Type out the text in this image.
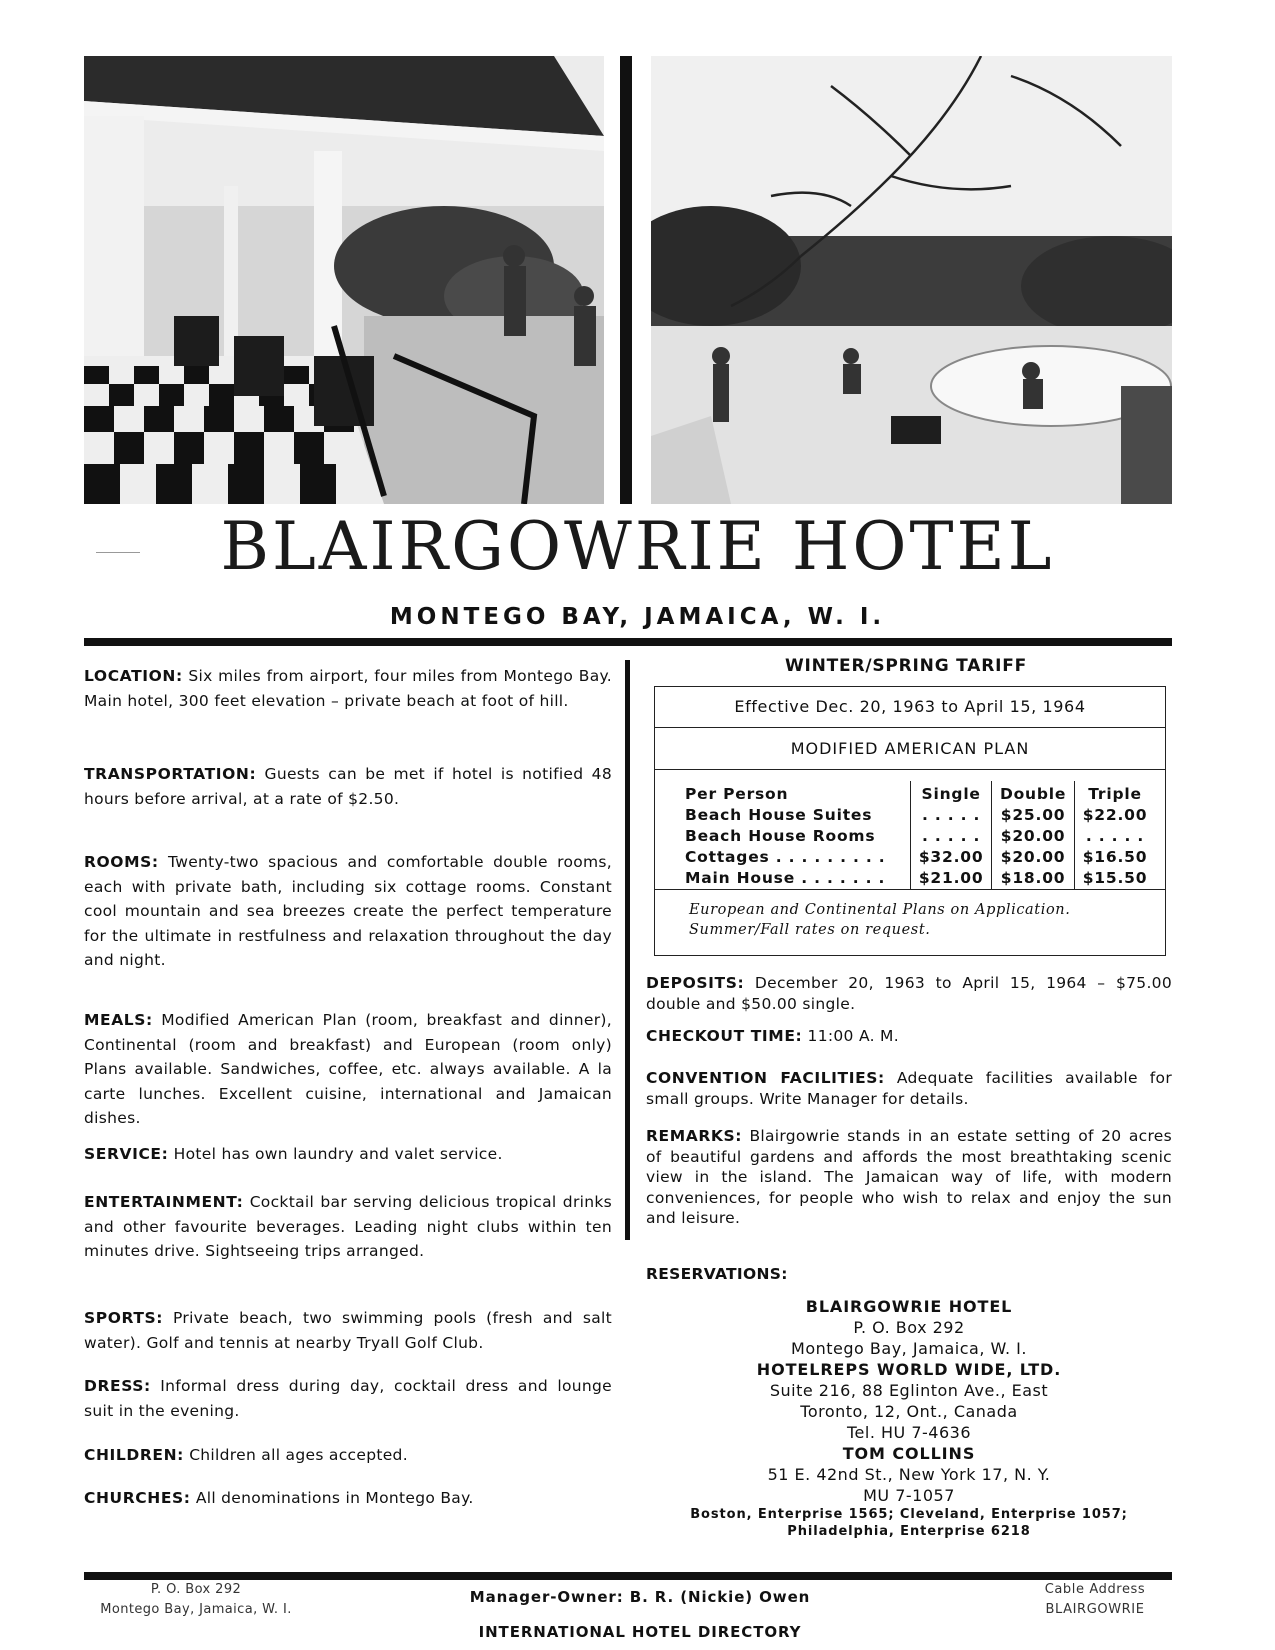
BLAIRGOWRIE HOTEL
MONTEGO BAY, JAMAICA, W. I.
LOCATION: Six miles from airport, four miles from Montego Bay. Main hotel, 300 feet elevation – private beach at foot of hill.
TRANSPORTATION: Guests can be met if hotel is notified 48 hours before arrival, at a rate of $2.50.
ROOMS: Twenty-two spacious and comfortable double rooms, each with private bath, including six cottage rooms. Constant cool mountain and sea breezes create the perfect temperature for the ultimate in restfulness and relaxation throughout the day and night.
MEALS: Modified American Plan (room, breakfast and dinner), Continental (room and breakfast) and European (room only) Plans available. Sandwiches, coffee, etc. always available. A la carte lunches. Excellent cuisine, international and Jamaican dishes.
SERVICE: Hotel has own laundry and valet service.
ENTERTAINMENT: Cocktail bar serving delicious tropical drinks and other favourite beverages. Leading night clubs within ten minutes drive. Sightseeing trips arranged.
SPORTS: Private beach, two swimming pools (fresh and salt water). Golf and tennis at nearby Tryall Golf Club.
DRESS: Informal dress during day, cocktail dress and lounge suit in the evening.
CHILDREN: Children all ages accepted.
CHURCHES: All denominations in Montego Bay.
WINTER/SPRING TARIFF
Effective Dec. 20, 1963 to April 15, 1964
MODIFIED AMERICAN PLAN
Per Person	Single	Double	Triple
Beach House Suites	. . . . .	$25.00	$22.00
Beach House Rooms	. . . . .	$20.00	. . . . .
Cottages . . . . . . . . .	$32.00	$20.00	$16.50
Main House . . . . . . .	$21.00	$18.00	$15.50
European and Continental Plans on Application.
Summer/Fall rates on request.
DEPOSITS: December 20, 1963 to April 15, 1964 – $75.00 double and $50.00 single.
CHECKOUT TIME: 11:00 A. M.
CONVENTION FACILITIES: Adequate facilities available for small groups. Write Manager for details.
REMARKS: Blairgowrie stands in an estate setting of 20 acres of beautiful gardens and affords the most breathtaking scenic view in the island. The Jamaican way of life, with modern conveniences, for people who wish to relax and enjoy the sun and leisure.
RESERVATIONS:
BLAIRGOWRIE HOTEL
P. O. Box 292
Montego Bay, Jamaica, W. I.
HOTELREPS WORLD WIDE, LTD.
Suite 216, 88 Eglinton Ave., East
Toronto, 12, Ont., Canada
Tel. HU 7-4636
TOM COLLINS
51 E. 42nd St., New York 17, N. Y.
MU 7-1057
Boston, Enterprise 1565; Cleveland, Enterprise 1057;
Philadelphia, Enterprise 6218
P. O. Box 292
Montego Bay, Jamaica, W. I.
Manager-Owner: B. R. (Nickie) Owen
INTERNATIONAL HOTEL DIRECTORY
Cable Address
BLAIRGOWRIE
